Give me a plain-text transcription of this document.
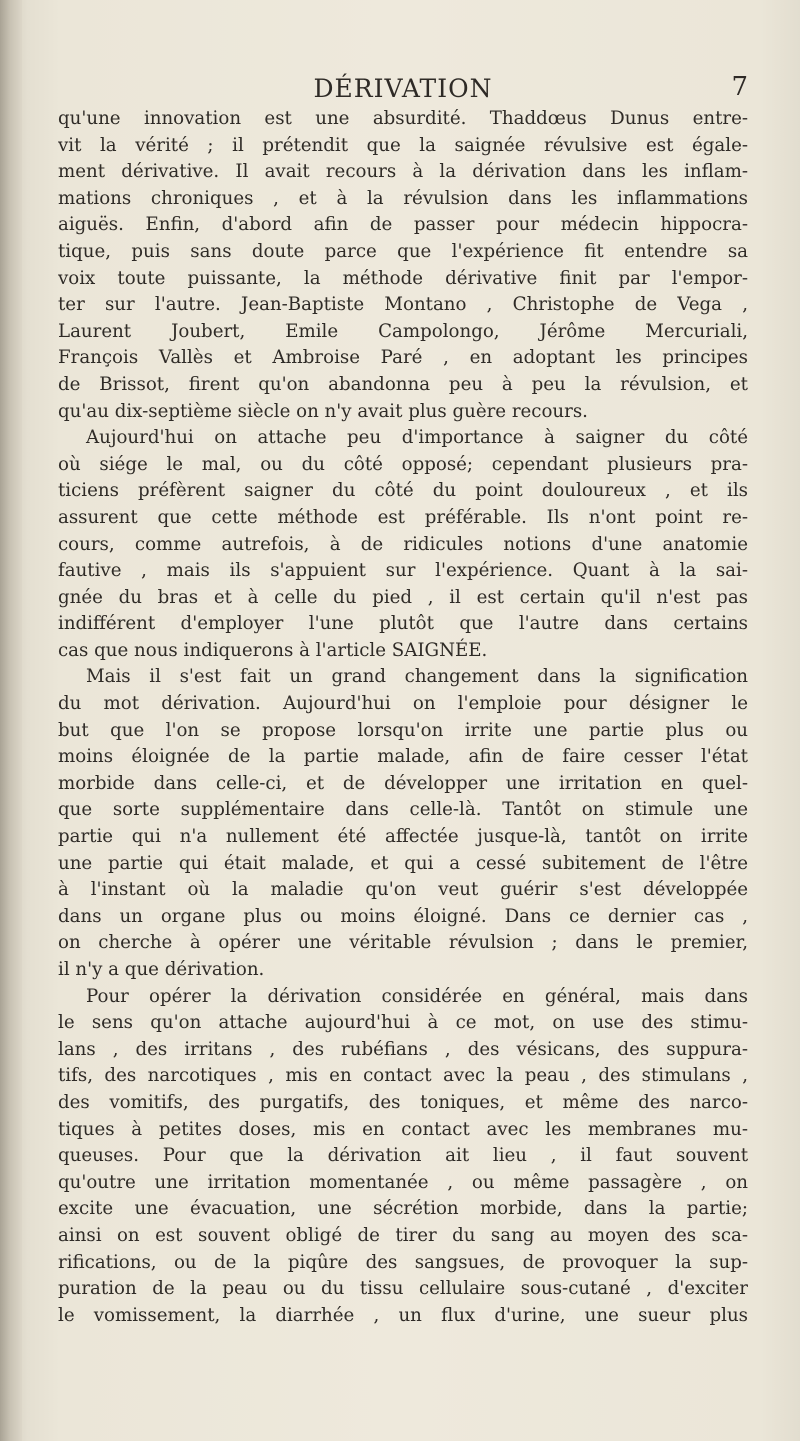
DÉRIVATION	7
qu'une innovation est une absurdité. Thaddœus Dunus entre-
vit la vérité ; il prétendit que la saignée révulsive est égale-
ment dérivative. Il avait recours à la dérivation dans les inflam-
mations chroniques , et à la révulsion dans les inflammations
aiguës. Enfin, d'abord afin de passer pour médecin hippocra-
tique, puis sans doute parce que l'expérience fit entendre sa
voix toute puissante, la méthode dérivative finit par l'empor-
ter sur l'autre. Jean-Baptiste Montano , Christophe de Vega ,
Laurent Joubert, Emile Campolongo, Jérôme Mercuriali,
François Vallès et Ambroise Paré , en adoptant les principes
de Brissot, firent qu'on abandonna peu à peu la révulsion, et
qu'au dix-septième siècle on n'y avait plus guère recours.
Aujourd'hui on attache peu d'importance à saigner du côté
où siége le mal, ou du côté opposé; cependant plusieurs pra-
ticiens préfèrent saigner du côté du point douloureux , et ils
assurent que cette méthode est préférable. Ils n'ont point re-
cours, comme autrefois, à de ridicules notions d'une anatomie
fautive , mais ils s'appuient sur l'expérience. Quant à la sai-
gnée du bras et à celle du pied , il est certain qu'il n'est pas
indifférent d'employer l'une plutôt que l'autre dans certains
cas que nous indiquerons à l'article SAIGNÉE.
Mais il s'est fait un grand changement dans la signification
du mot dérivation. Aujourd'hui on l'emploie pour désigner le
but que l'on se propose lorsqu'on irrite une partie plus ou
moins éloignée de la partie malade, afin de faire cesser l'état
morbide dans celle-ci, et de développer une irritation en quel-
que sorte supplémentaire dans celle-là. Tantôt on stimule une
partie qui n'a nullement été affectée jusque-là, tantôt on irrite
une partie qui était malade, et qui a cessé subitement de l'être
à l'instant où la maladie qu'on veut guérir s'est développée
dans un organe plus ou moins éloigné. Dans ce dernier cas ,
on cherche à opérer une véritable révulsion ; dans le premier,
il n'y a que dérivation.
Pour opérer la dérivation considérée en général, mais dans
le sens qu'on attache aujourd'hui à ce mot, on use des stimu-
lans , des irritans , des rubéfians , des vésicans, des suppura-
tifs, des narcotiques , mis en contact avec la peau , des stimulans ,
des vomitifs, des purgatifs, des toniques, et même des narco-
tiques à petites doses, mis en contact avec les membranes mu-
queuses. Pour que la dérivation ait lieu , il faut souvent
qu'outre une irritation momentanée , ou même passagère , on
excite une évacuation, une sécrétion morbide, dans la partie;
ainsi on est souvent obligé de tirer du sang au moyen des sca-
rifications, ou de la piqûre des sangsues, de provoquer la sup-
puration de la peau ou du tissu cellulaire sous-cutané , d'exciter
le vomissement, la diarrhée , un flux d'urine, une sueur plus
